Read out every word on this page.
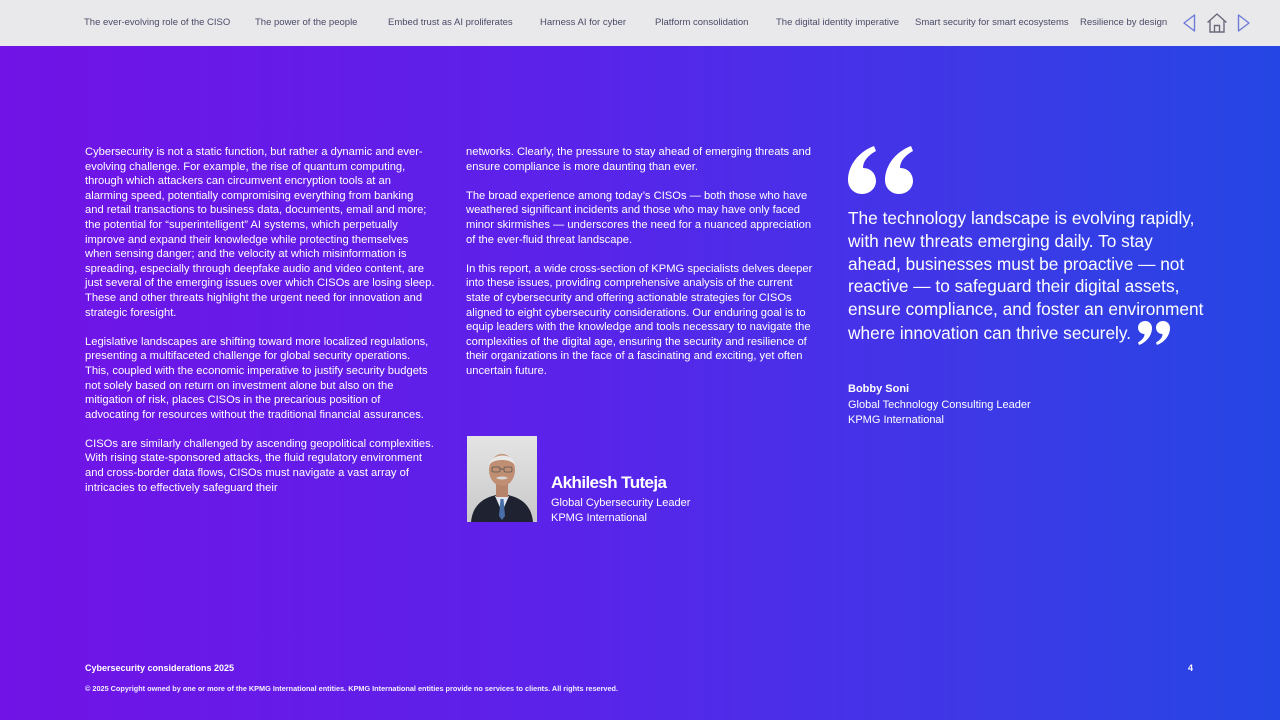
The ever-evolving role of the CISO	The power of the people	Embed trust as AI proliferates	Harness AI for cyber	Platform consolidation	The digital identity imperative Smart security for smart ecosystems Resilience by design

Cybersecurity is not a static function, but rather a dynamic and ever-evolving challenge. For example, the rise of quantum computing, through which attackers can circumvent encryption tools at an alarming speed, potentially compromising everything from banking and retail transactions to business data, documents, email and more; the potential for “superintelligent” AI systems, which perpetually improve and expand their knowledge while protecting themselves when sensing danger; and the velocity at which misinformation is spreading, especially through deepfake audio and video content, are just several of the emerging issues over which CISOs are losing sleep. These and other threats highlight the urgent need for innovation and strategic foresight.

Legislative landscapes are shifting toward more localized regulations, presenting a multifaceted challenge for global security operations. This, coupled with the economic imperative to justify security budgets not solely based on return on investment alone but also on the mitigation of risk, places CISOs in the precarious position of advocating for resources without the traditional financial assurances.

CISOs are similarly challenged by ascending geopolitical complexities. With rising state-sponsored attacks, the fluid regulatory environment and cross-border data flows, CISOs must navigate a vast array of intricacies to effectively safeguard their

networks. Clearly, the pressure to stay ahead of emerging threats and ensure compliance is more daunting than ever.

The broad experience among today’s CISOs — both those who have weathered significant incidents and those who may have only faced minor skirmishes — underscores the need for a nuanced appreciation of the ever-fluid threat landscape.

In this report, a wide cross-section of KPMG specialists delves deeper into these issues, providing comprehensive analysis of the current state of cybersecurity and offering actionable strategies for CISOs aligned to eight cybersecurity considerations. Our enduring goal is to equip leaders with the knowledge and tools necessary to navigate the complexities of the digital age, ensuring the security and resilience of their organizations in the face of a fascinating and exciting, yet often uncertain future.

Akhilesh Tuteja
Global Cybersecurity Leader
KPMG International
The technology landscape is evolving rapidly, with new threats emerging daily. To stay ahead, businesses must be proactive — not reactive — to safeguard their digital assets, ensure compliance, and foster an environment where innovation can thrive securely.
Bobby Soni
Global Technology Consulting Leader
KPMG International
Cybersecurity considerations 2025	4
© 2025 Copyright owned by one or more of the KPMG International entities. KPMG International entities provide no services to clients. All rights reserved.
